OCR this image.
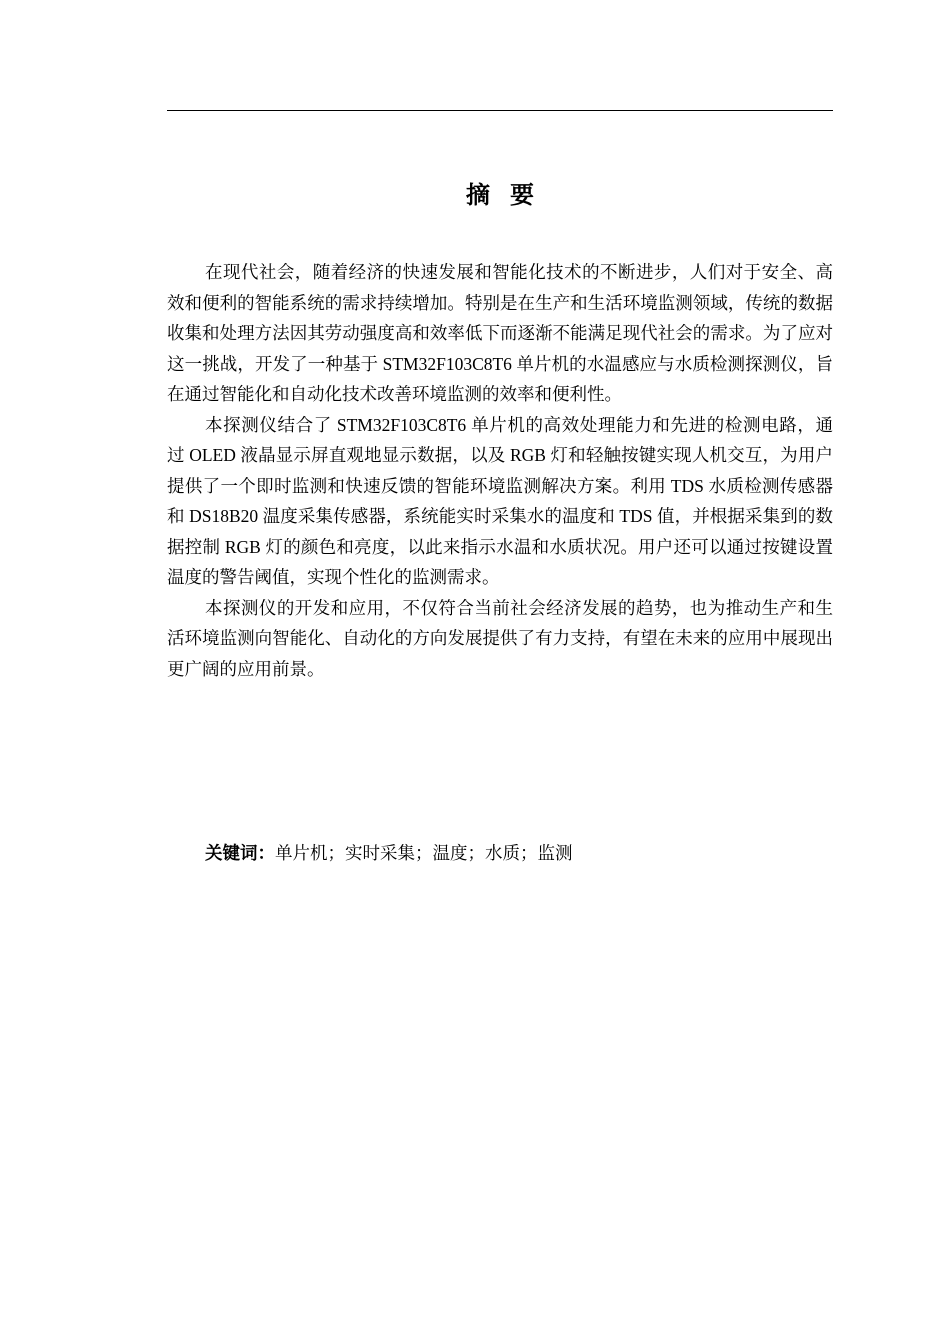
摘要

在现代社会，随着经济的快速发展和智能化技术的不断进步，人们对于安全、高效和便利的智能系统的需求持续增加。特别是在生产和生活环境监测领域，传统的数据收集和处理方法因其劳动强度高和效率低下而逐渐不能满足现代社会的需求。为了应对这一挑战，开发了一种基于 STM32F103C8T6 单片机的水温感应与水质检测探测仪，旨在通过智能化和自动化技术改善环境监测的效率和便利性。

本探测仪结合了 STM32F103C8T6 单片机的高效处理能力和先进的检测电路，通过 OLED 液晶显示屏直观地显示数据，以及 RGB 灯和轻触按键实现人机交互，为用户提供了一个即时监测和快速反馈的智能环境监测解决方案。利用 TDS 水质检测传感器和 DS18B20 温度采集传感器，系统能实时采集水的温度和 TDS 值，并根据采集到的数据控制 RGB 灯的颜色和亮度，以此来指示水温和水质状况。用户还可以通过按键设置温度的警告阈值，实现个性化的监测需求。

本探测仪的开发和应用，不仅符合当前社会经济发展的趋势，也为推动生产和生活环境监测向智能化、自动化的方向发展提供了有力支持，有望在未来的应用中展现出更广阔的应用前景。

关键词：单片机；实时采集；温度；水质；监测
